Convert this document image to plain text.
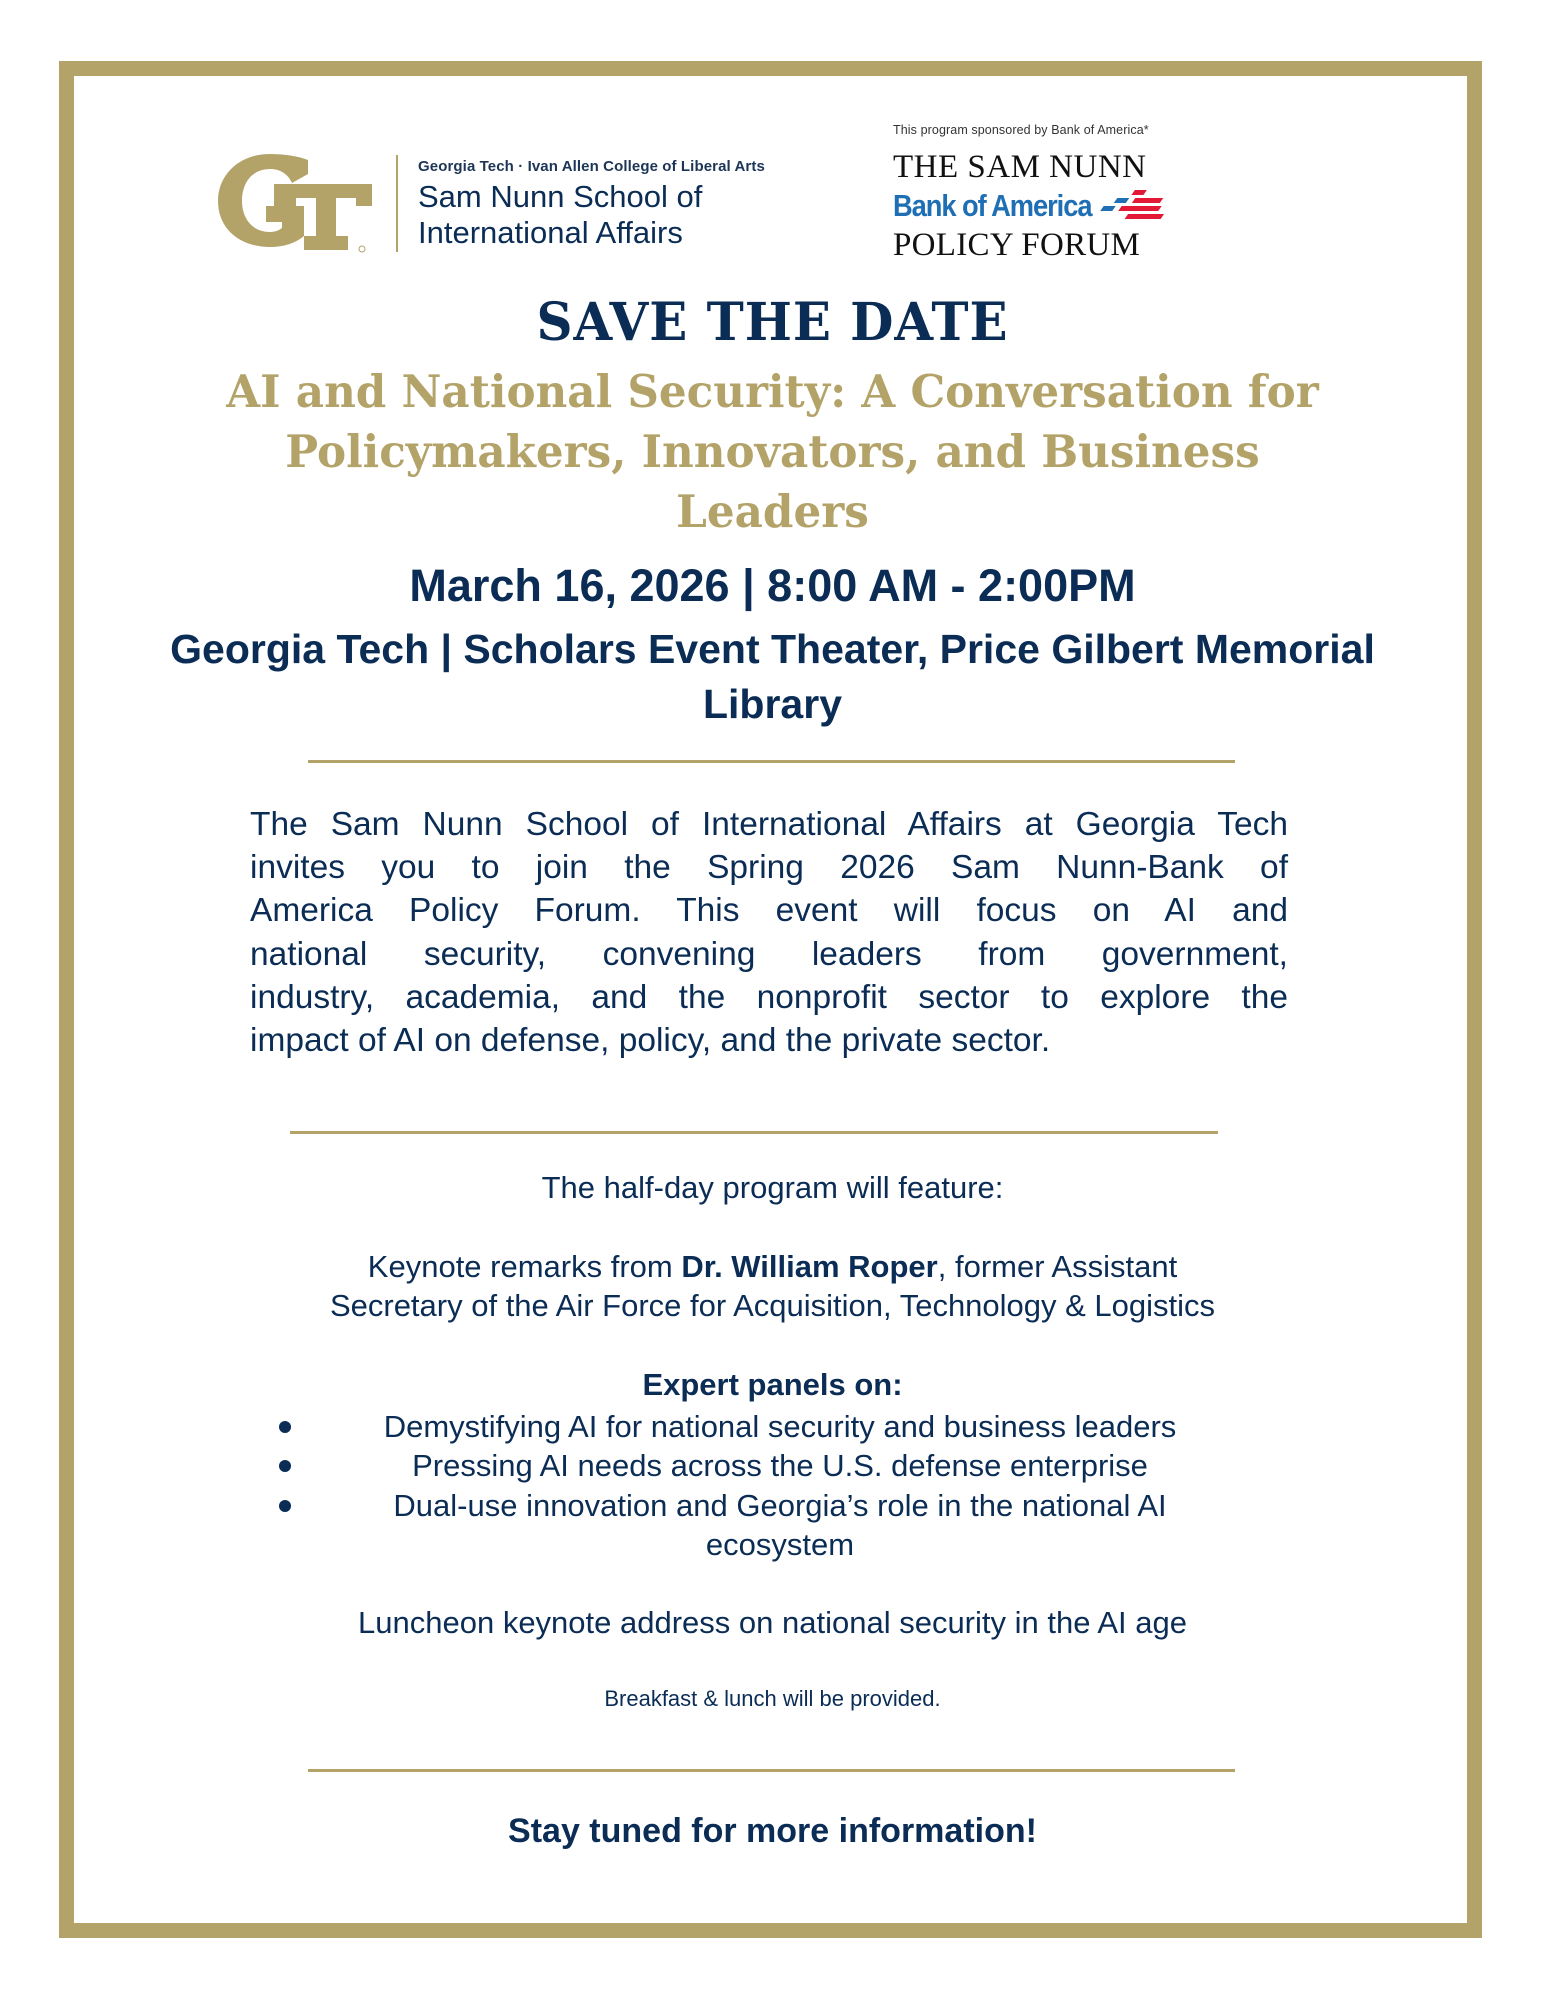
Georgia Tech · Ivan Allen College of Liberal Arts
Sam Nunn School of
International Affairs
This program sponsored by Bank of America*
THE SAM NUNN
Bank of America
POLICY FORUM
SAVE THE DATE
AI and National Security: A Conversation for
Policymakers, Innovators, and Business
Leaders
March 16, 2026 | 8:00 AM - 2:00PM
Georgia Tech | Scholars Event Theater, Price Gilbert Memorial
Library
The Sam Nunn School of International Affairs at Georgia Tech
invites you to join the Spring 2026 Sam Nunn-Bank of
America Policy Forum. This event will focus on AI and
national security, convening leaders from government,
industry, academia, and the nonprofit sector to explore the
impact of AI on defense, policy, and the private sector.
The half-day program will feature:
Keynote remarks from Dr. William Roper, former Assistant
Secretary of the Air Force for Acquisition, Technology & Logistics
Expert panels on:
Demystifying AI for national security and business leaders
Pressing AI needs across the U.S. defense enterprise
Dual-use innovation and Georgia’s role in the national AI
ecosystem
Luncheon keynote address on national security in the AI age
Breakfast & lunch will be provided.
Stay tuned for more information!
